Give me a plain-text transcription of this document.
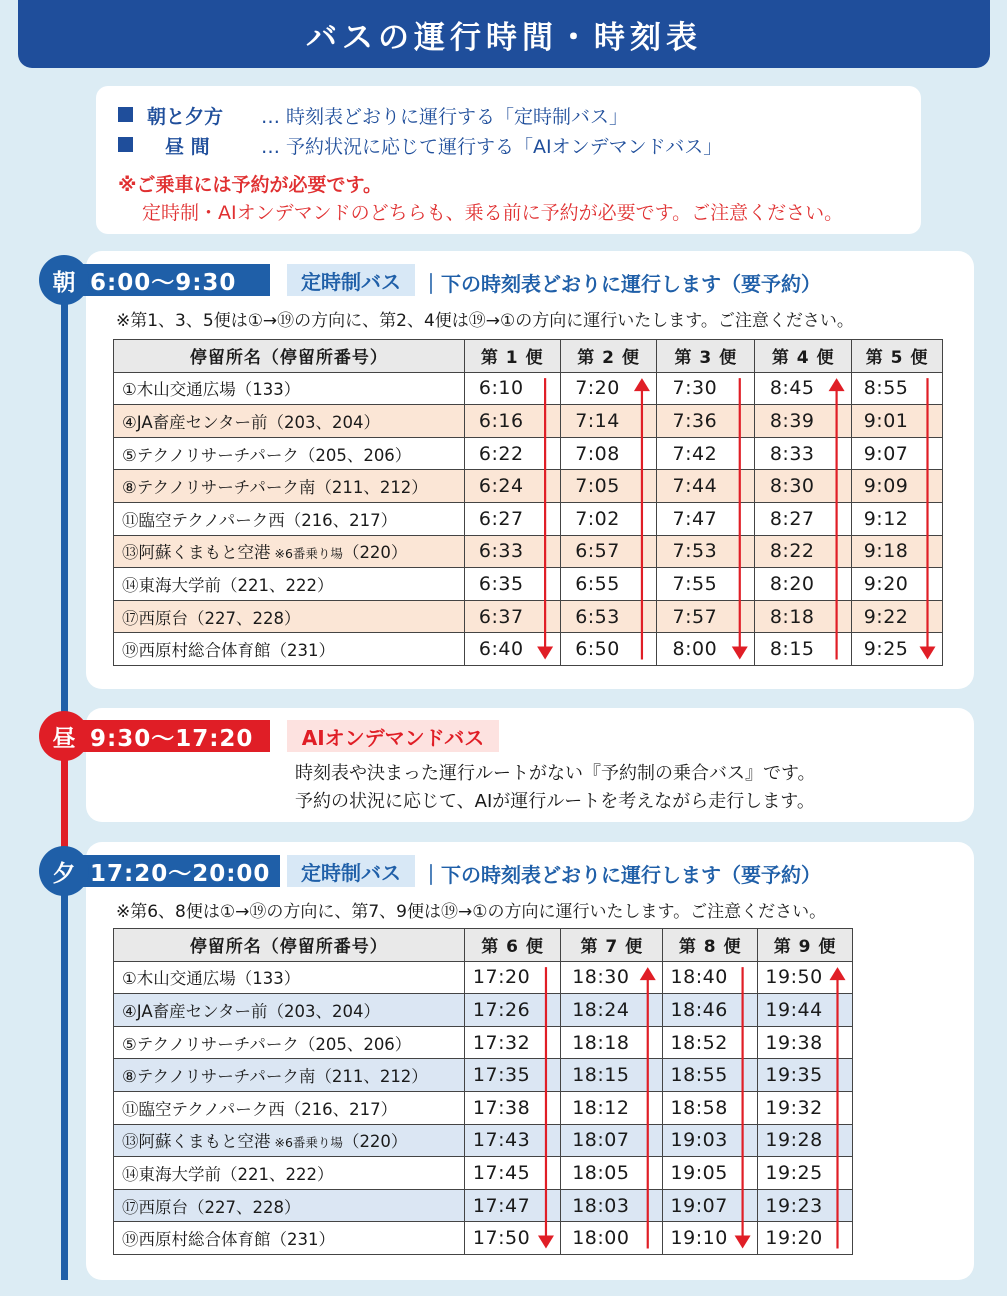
バスの運行時間・時刻表
朝と夕方 … 時刻表どおりに運行する「定時制バス」
昼 間	… 予約状況に応じて運行する「AIオンデマンドバス」
※ご乗車には予約が必要です。
定時制・AIオンデマンドのどちらも、乗る前に予約が必要です。ご注意ください。
6:00～9:30
朝	定時制バス	｜下の時刻表どおりに運行します（要予約）
※第1、3、5便は①→⑲の方向に、第2、4便は⑲→①の方向に運行いたします。ご注意ください。
停留所名（停留所番号）	第 1 便	第 2 便	第 3 便	第 4 便	第 5 便
①木山交通広場（133）	6:10	7:20	7:30	8:45	8:55
④JA畜産センター前（203、204）	6:16	7:14	7:36	8:39	9:01
⑤テクノリサーチパーク（205、206）	6:22	7:08	7:42	8:33	9:07
⑧テクノリサーチパーク南（211、212）	6:24	7:05	7:44	8:30	9:09
⑪臨空テクノパーク西（216、217）	6:27	7:02	7:47	8:27	9:12
⑬阿蘇くまもと空港 ※6番乗り場（220）	6:33	6:57	7:53	8:22	9:18
⑭東海大学前（221、222）	6:35	6:55	7:55	8:20	9:20
⑰西原台（227、228）	6:37	6:53	7:57	8:18	9:22
⑲西原村総合体育館（231）	6:40	6:50	8:00	8:15	9:25
9:30～17:20
昼	AIオンデマンドバス
時刻表や決まった運行ルートがない『予約制の乗合バス』です。
予約の状況に応じて、AIが運行ルートを考えながら走行します。
17:20～20:00
夕	定時制バス	｜下の時刻表どおりに運行します（要予約）
※第6、8便は①→⑲の方向に、第7、9便は⑲→①の方向に運行いたします。ご注意ください。
停留所名（停留所番号）	第 6 便	第 7 便	第 8 便	第 9 便
①木山交通広場（133）	17:20	18:30	18:40	19:50
④JA畜産センター前（203、204）	17:26	18:24	18:46	19:44
⑤テクノリサーチパーク（205、206）	17:32	18:18	18:52	19:38
⑧テクノリサーチパーク南（211、212）	17:35	18:15	18:55	19:35
⑪臨空テクノパーク西（216、217）	17:38	18:12	18:58	19:32
⑬阿蘇くまもと空港 ※6番乗り場（220）	17:43	18:07	19:03	19:28
⑭東海大学前（221、222）	17:45	18:05	19:05	19:25
⑰西原台（227、228）	17:47	18:03	19:07	19:23
⑲西原村総合体育館（231）	17:50	18:00	19:10	19:20
